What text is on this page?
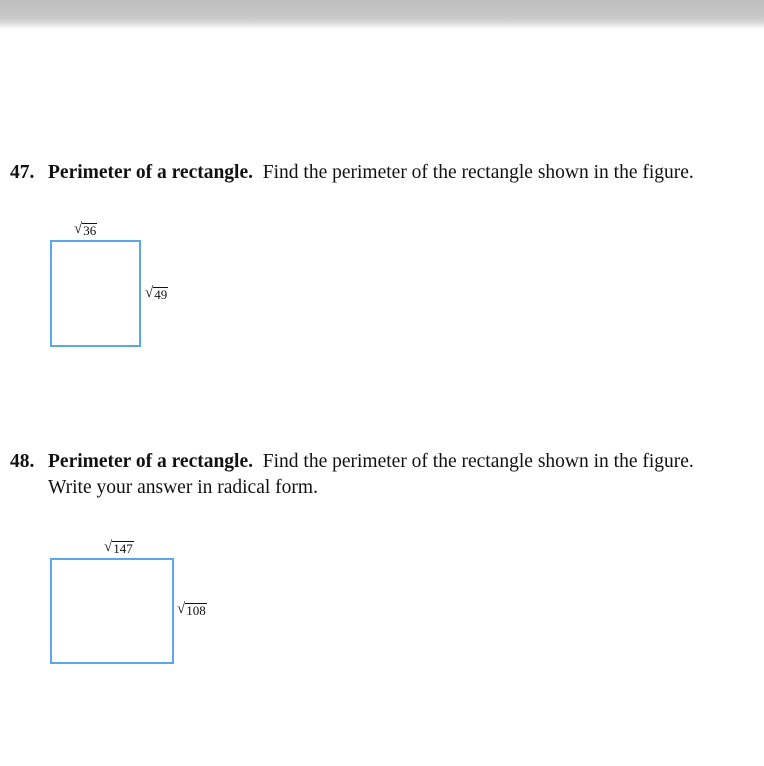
47. Perimeter of a rectangle. Find the perimeter of the rectangle shown in the figure.
√ 36
√ 49
48. Perimeter of a rectangle. Find the perimeter of the rectangle shown in the figure.
Write your answer in radical form.
√ 147
√ 108
